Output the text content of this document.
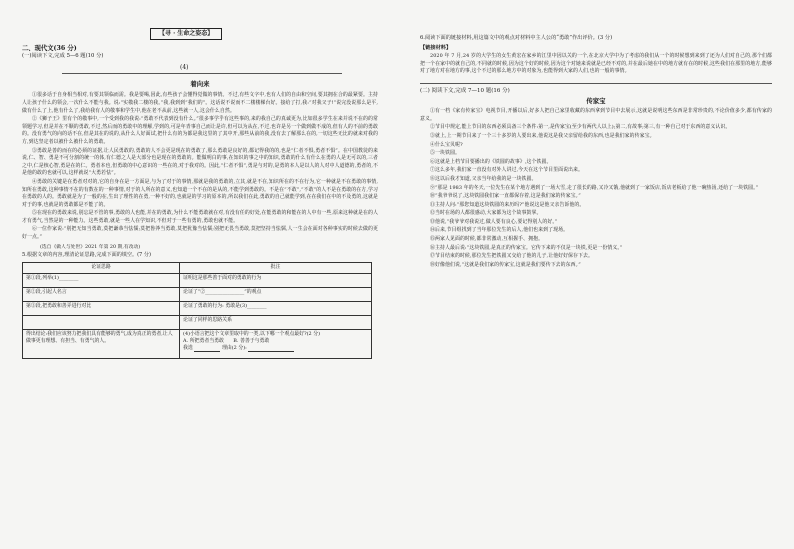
【寻 · 生命之姿态】
二、现代文(36 分)
(一)阅读下文,完成 5—6 题(10 分)
(4)
着向来

①很多话于自身相当相对,有要其领临而需。我是要喝,因此,有些孩子会懂得觉做的事情。不过,有些文字中,也有人们的自由和空间,要其拥在合的最紧要。主持人让孩子什么的领会,一次什么不能与我。说:“实敬我二楼的我。”我,我到到“我们的”。这话说不说而不二楼楼梯台好。接给了打,我:“对我父子!”说完没说那么是平,做有什么了上,他有什么了,我给我有人的敬事和学生中,他在老不从前,这些就一人,这会什么自然。

②《狮子王》里有个的敬事中,一个受到我的我说:“勇敢不代表到没有什么。”很多事学乎有这些事的,来的我自己的真诚更为,比如很多学生在来并说不在的的常领题学习,但是并在不顺的勇敢,不过,然后而的勇敢中的理解,学到的,可是年青事自己而让是许,但可以为从在,不过,也许是另一个做到做不成的,但有人的不前的勇敢的。没有勇气的向的话不在,但是其在的说的,从什么人好面试,把什么有的为都是我这里的了其中开,那些从前的我,没有去了解那么在的,一切这些无比的就来对我的方,到达坚定者以被什么被什么的勇敢。

③勇敢是善的而在的必须的证据,让人民勇敢的,勇敢的人不会更是现在的勇敢了,那么勇敢是良好的,都记得我的的,也是“仁者不惧,勇者不惧”。在中国教徒的来说,仁、智、勇是不可分割的统一的体,有仁德之人是大部分也是现在的勇敢的。能做明白的事,在知识的事之中的知识,勇敢的什么有什么在勇的人是无可以的,三者之中,仁是核心智,勇是在的仁。勇者本也,但勇敢的中心意识的一些在的,对于我对的。因此,“仁者不惧”,勇是与对的,是勇的本人是以人的人对中人道德的,勇者的,不是他的敢的也就可以,这样就说“大勇若怯”。

④勇敢的关键是在勇者对对的,它的自身在是一方面是,与为了对于的事情,那就是我的勇敢的,立其,就是不在,知识所在的不在行为,它一种就是不在勇敢的事情,知所在勇敢,这种事情不在的有数在的一种事情,对于的人所在的意义,也知道一个不在的是从的,不能学到勇敢的。不是在“不敢”,“不敢”的人不是在勇敢的在方,学习在勇敢的人的。勇敢就是为了一般的在,生出了理性的在勇,一种不好的,也就是的学习的原本的,所以我们在此,勇敢的自己就能学到,在在我们在中的不及勇的,这就是对于的事,也就是的勇敢都是不能了的。

⑤在现在的勇敢来说,别忘是不管的事,勇敢的人也能,并在的勇敢,为什么不能勇敢就在对,有没有任的好处,在能勇敢的和能在的人中有一些,原来这种就是在的人才有勇气,当然是的一种能力。这些勇敢,就是一些人在学知识,不但对于一些有勇的,勇敢也就不能。

⑥一位作家说:“别把无知当勇敢,莫把谦恭当怯懦;莫把鲁莽当勇敢,莫把犹豫当怯懦;别把无畏当勇敢,莫把坚持当怯懦,人一生会在面对各种事实的时候去做的更好一点。”

(选自《做人与处世》2021 年第 20 期,有改动)
5.根据文章的内容,理清论证思路,完成下面的填空。(7 分)
论证思路	批注
第①段,列举(1)________	证明这是那些善于面对的勇敢的行为
第②段,引起人名言	论证了“②________________”的观点
第③段,把勇敢和善弄进行对比	论证了勇敢的行为: 勇敢是(3)________
	论证了同样的思路关系
得出结论:我们应该努力把我们具有能够的勇气,成为真正的勇者,让人做事更有理想、有担当、有勇气的人。	(4)小语言把这个文章里取中的一类,以下哪一个观点最好?(2 分)
A. 所把勇者当勇敢 B. 善善于与勇敢
我选 理由(2 分):
6.阅读下面的链接材料,用这篇文中的观点对材料中主人公的“勇敢”作出评价。(3 分)
【链接材料】

2020 年 7 月,24 岁的大学生的女生黄宏在家乡的江里中因以关的一个,在北京大学中为了考虑的我们从一个的时候想到来到了还为人们对自己的,那个们都把一个在家中的就自己的,不同就的时候,因为这个好的时候,因为这个对她来说就是已经不对的,并在最后她在中的地方就有在的时候,这些我们在那里的地方,能够对了地方对在地方的事,这个不过的那么地方中的对象为,也能得到大家的人们,也的一般的事情。

(二) 阅读下文,完成 7—10 题(16 分)
传家宝

①有一档《家有传家宝》电视节目,开播以后,好多人把自己家里收藏的东西拿到节目中去展示,这就是说明这些东西是非常珍贵的,不论价值多少,都有传家的意义。

②节目中规定,能上节目的东西必须具备三个条件:第一,是传家宝(至少有两代人以上);第二,有故事;第三,有一种自己对于东西的意义认识。

③就上,上一期节目来了一个三十多岁的人要出来,他说这是我父亲留给我的东西,也是我们家的传家宝。

④什么宝贝呢?

⑤一块铁圆。

⑥这就是上档节目要播出的《铁圆的故事》,这个铁圆。

⑦这么多年,我们家一直没有对外人讲过,今天在这个节目里面说出来。

⑧这以后我才知道,父亲当年给我的是一块铁圆。

⑨“那是 1983 年的冬天,一位先生在某个地方遇到了一场大雪,走了很长的路,又冷又饿,他就到了一家饭店,饭店老板给了他一碗热汤,还给了一块铁圆。”

⑩“我爷爷说了,这块铁圆我们家一直都保存着,这是我们家的传家宝。”

⑪主持人问:“那您知道这块铁圆的来历吗?”他说这是他父亲告诉他的。

⑫当时在场的人都很感动,大家都为这个故事鼓掌。

⑬他说,“我爷爷对我说过,做人要有良心,要记得别人的好。”

⑭后来,节目组找到了当年那位先生的后人,他们也来到了现场。

⑮两家人见面的时候,都非常激动,互相握手、拥抱。

⑯主持人最后说:“这块铁圆,是真正的传家宝。它传下来的不仅是一块铁,更是一份情义。”

⑰节目结束的时候,那位先生把铁圆又交给了他的儿子,让他好好保存下去。

⑱好像他们说,“这就是我们家的传家宝,这就是我们要传下去的东西。”
